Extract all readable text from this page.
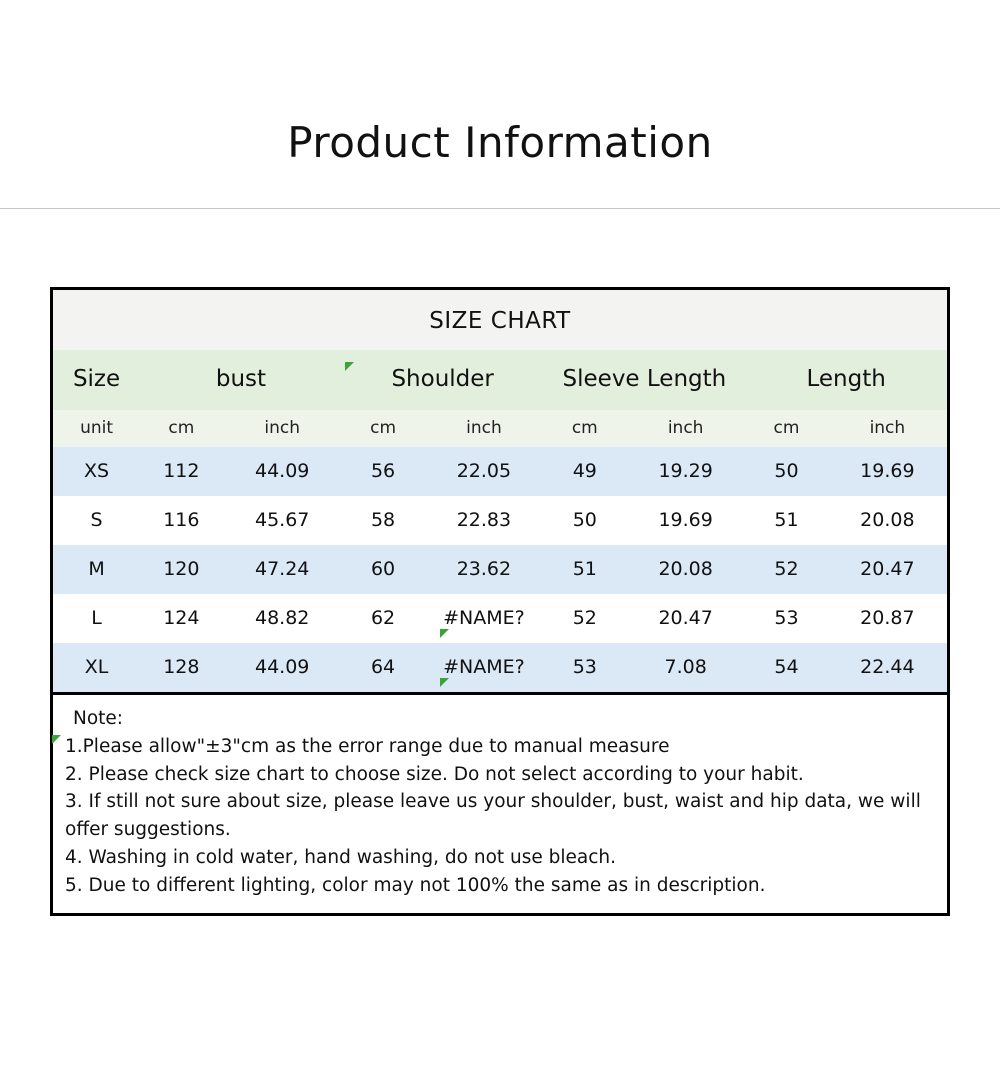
Product Information
SIZE CHART								
Size	bust		Shoulder		Sleeve Length		Length	
unit	cm	inch	cm	inch	cm	inch	cm	inch
XS	112	44.09	56	22.05	49	19.29	50	19.69
S	116	45.67	58	22.83	50	19.69	51	20.08
M	120	47.24	60	23.62	51	20.08	52	20.47
L	124	48.82	62	#NAME?	52	20.47	53	20.87
XL	128	44.09	64	#NAME?	53	7.08	54	22.44
Note:
1.Please allow"±3"cm as the error range due to manual measure
2. Please check size chart to choose size. Do not select according to your habit.
3. If still not sure about size, please leave us your shoulder, bust, waist and hip data, we will offer suggestions.
4. Washing in cold water, hand washing, do not use bleach.
5. Due to different lighting, color may not 100% the same as in description.
